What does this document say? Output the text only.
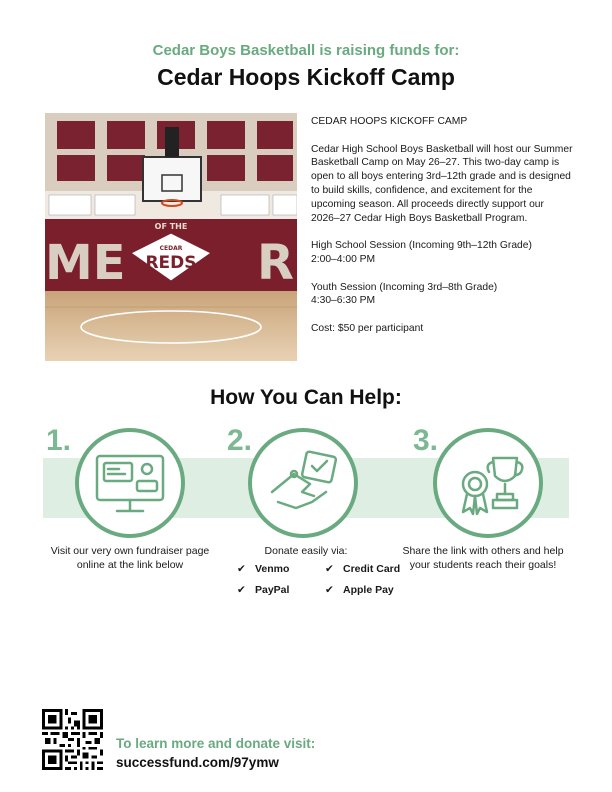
Cedar Boys Basketball is raising funds for:
Cedar Hoops Kickoff Camp
ME	R
OF THE
CEDAR
REDS

CEDAR HOOPS KICKOFF CAMP

Cedar High School Boys Basketball will host our Summer Basketball Camp on May 26–27. This two-day camp is open to all boys entering 3rd–12th grade and is designed to build skills, confidence, and excitement for the upcoming season. All proceeds directly support our 2026–27 Cedar High Boys Basketball Program.

High School Session (Incoming 9th–12th Grade)
2:00–4:00 PM

Youth Session (Incoming 3rd–8th Grade)
4:30–6:30 PM

Cost: $50 per participant

How You Can Help:
1.
Visit our very own fundraiser page online at the link below
2.
Donate easily via:
✔ Venmo	✔ Credit Card
✔ PayPal	✔ Apple Pay
3.
Share the link with others and help your students reach their goals!
To learn more and donate visit:
successfund.com/97ymw
